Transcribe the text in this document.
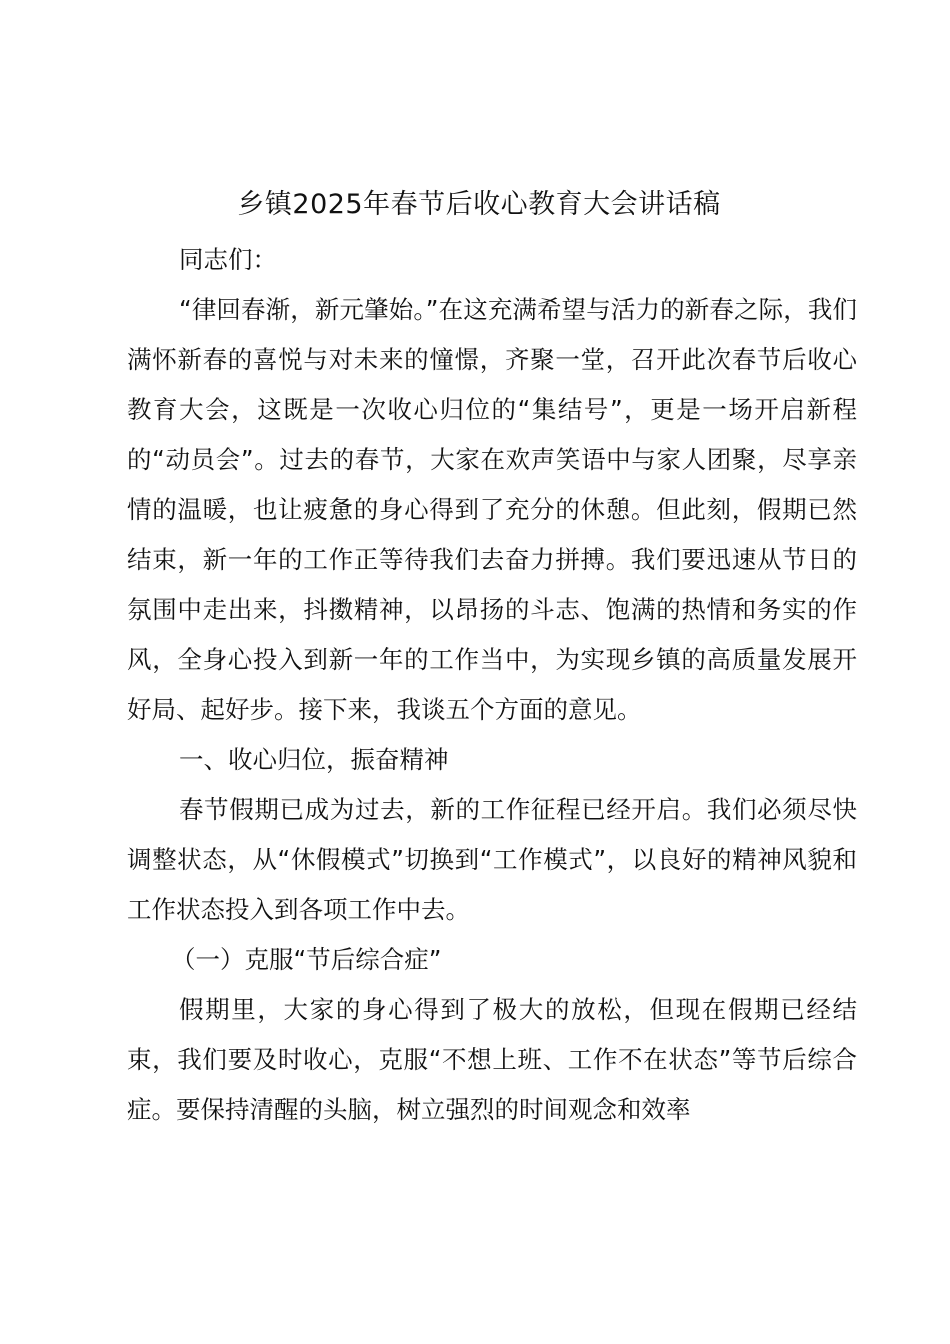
乡镇2025年春节后收心教育大会讲话稿

同志们：

“律回春渐，新元肇始。”在这充满希望与活力的新春之际，我们满怀新春的喜悦与对未来的憧憬，齐聚一堂，召开此次春节后收心教育大会，这既是一次收心归位的“集结号”，更是一场开启新程的“动员会”。过去的春节，大家在欢声笑语中与家人团聚，尽享亲情的温暖，也让疲惫的身心得到了充分的休憩。但此刻，假期已然结束，新一年的工作正等待我们去奋力拼搏。我们要迅速从节日的氛围中走出来，抖擞精神，以昂扬的斗志、饱满的热情和务实的作风，全身心投入到新一年的工作当中，为实现乡镇的高质量发展开好局、起好步。接下来，我谈五个方面的意见。

一、收心归位，振奋精神

春节假期已成为过去，新的工作征程已经开启。我们必须尽快调整状态，从“休假模式”切换到“工作模式”，以良好的精神风貌和工作状态投入到各项工作中去。

（一）克服“节后综合症”

假期里，大家的身心得到了极大的放松，但现在假期已经结束，我们要及时收心，克服“不想上班、工作不在状态”等节后综合症。要保持清醒的头脑，树立强烈的时间观念和效率
